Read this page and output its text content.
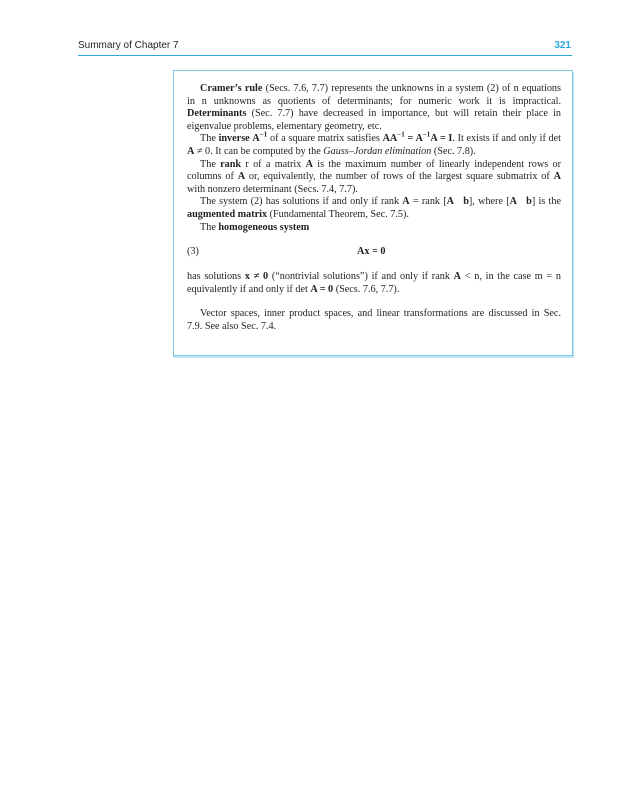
Summary of Chapter 7	321

Cramer’s rule (Secs. 7.6, 7.7) represents the unknowns in a system (2) of n equations in n unknowns as quotients of determinants; for numeric work it is impractical. Determinants (Sec. 7.7) have decreased in importance, but will retain their place in eigenvalue problems, elementary geometry, etc.

The inverse $A^{-1}$ of a square matrix satisfies $AA^{-1} = A^{-1}A = I$. It exists if and only if det A ≠ 0. It can be computed by the Gauss–Jordan elimination (Sec. 7.8).

The rank r of a matrix A is the maximum number of linearly independent rows or columns of A or, equivalently, the number of rows of the largest square submatrix of A with nonzero determinant (Secs. 7.4, 7.7).

The system (2) has solutions if and only if rank A = rank [A   b], where [A   b] is the augmented matrix (Fundamental Theorem, Sec. 7.5).

The homogeneous system

(3)	Ax = 0

has solutions x ≠ 0 (“nontrivial solutions”) if and only if rank A < n, in the case m = n equivalently if and only if det A = 0 (Secs. 7.6, 7.7).

Vector spaces, inner product spaces, and linear transformations are discussed in Sec. 7.9. See also Sec. 7.4.
